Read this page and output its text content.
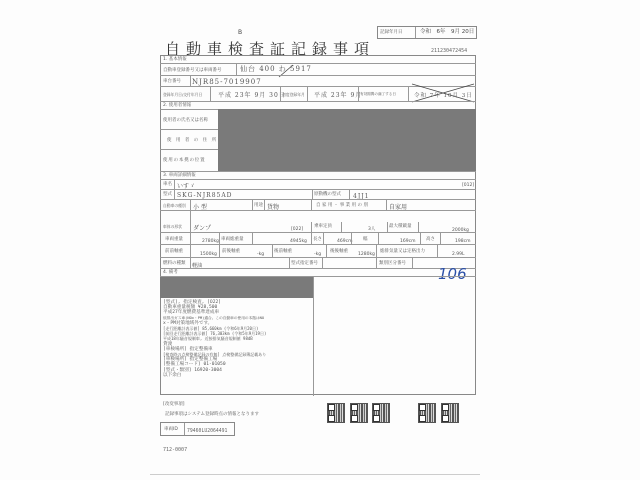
B
自動車検査証記録事項
記録年月日	令和　6年　9月 20日
211230472454
1. 基本情報
自動車登録番号又は車両番号	仙台 400 わ 5917
車台番号 NJR85-7019907
登録年月日/交付年月日	平成 23年 9月 30日
初度登録年月 平成 23年 9月
有効期間の満了する日	令和 7年 10月 3日
2. 使用者情報
使用者の氏名又は名称
使 用 者 の 住 所
使用の本拠の位置
3. 車両詳細情報
車名 いすゞ	[012]
型式 SKG-NJR85AD	原動機の型式 4JJ1
自動車の種別 小 型	用途 貨物	自 家 用 ・ 事 業 用 の 別	自家用
車体の形状 ダンプ	[022]
乗車定員
3人
最大積載量
2000kg
車両重量	2780kg 車両総重量	4945kg 長さ	469cm 幅	169cm 高さ	198cm
前前軸重
1500kg
前後軸重
-kg
後前軸重
-kg
後後軸重
1280kg
総排気量又は定格出力
2.99L
燃料の種類 軽油	型式指定番号	類別区分番号
4. 備考	106
[型式], 指定検査, [O22]
自動車重量税額 ¥28,500
平成27年度燃費基準達成車
低排出ガス車(NOx・PM)適合。この自動車の使用の本拠はNO
x・PM対策地域外です。
[走行距離計表示値] 85,660km (令和6年9月20日)
[前回走行距離計表示値] 76,303km (令和5年9月19日)
平成18年騒音規制車, 近接排気騒音規制値 98dB
貸渡
[車検場所] 指定整備車
[検査時の点検整備記録の有無] 点検整備記録簿記載あり
[車検場所] 指定整備工場
[整備工場コード] 01-01050
[型式・類別] 16920-3004
以下余白
[改変事項]
記録事項はシステム登録時点の情報となります
車両ID 79460LU2064491
712-0007
